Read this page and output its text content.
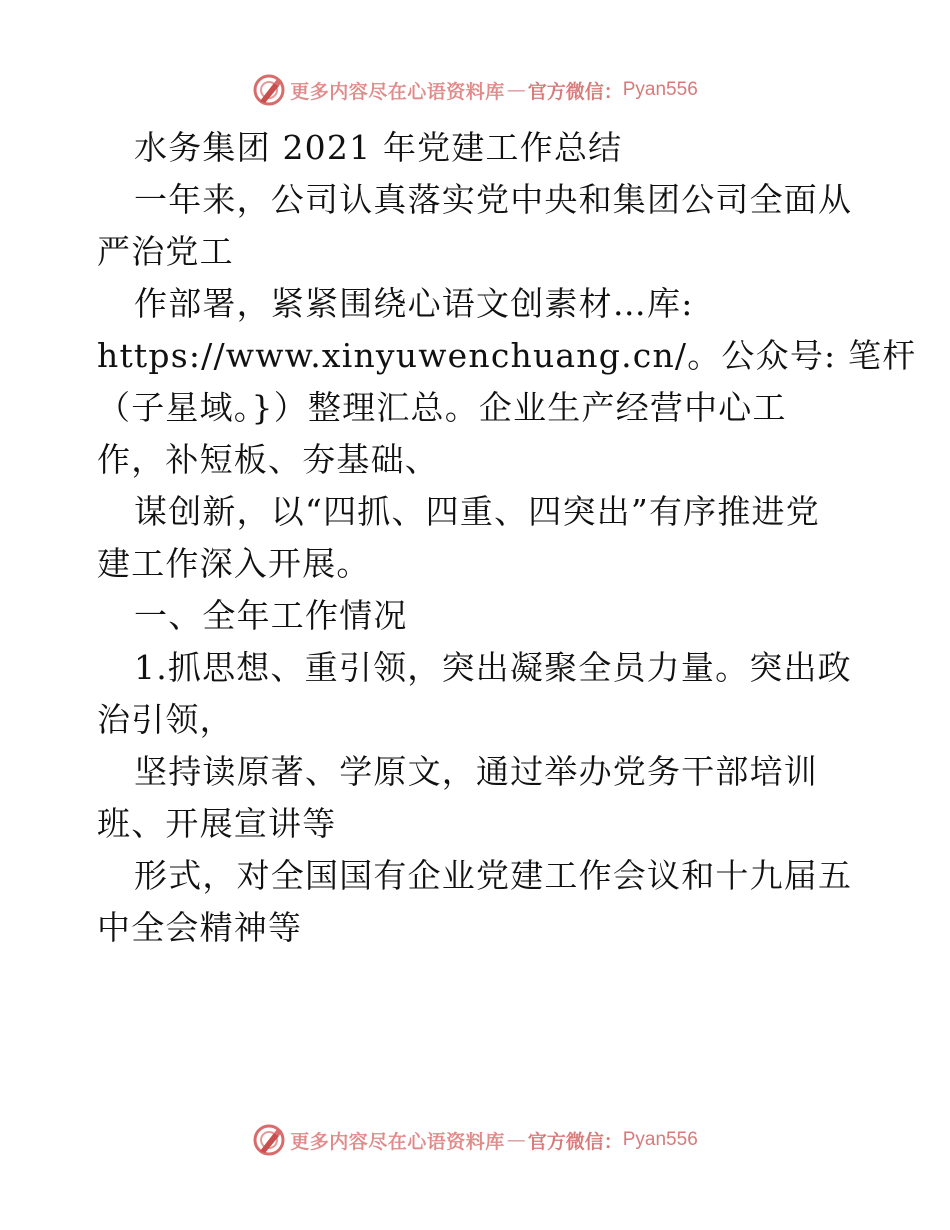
更多内容尽在心语资料库 — 官方微信： Pyan556
水务集团 2021 年党建工作总结
一年来，公司认真落实党中央和集团公司全面从
严治党工
作部署，紧紧围绕心语文创素材…库:
https://www.xinyuwenchuang.cn/。公众号: 笔杆
（子星域。}）整理汇总。企业生产经营中心工
作，补短板、夯基础、
谋创新，以“四抓、四重、四突出”有序推进党
建工作深入开展。
一、全年工作情况
1.抓思想、重引领，突出凝聚全员力量。突出政
治引领，
坚持读原著、学原文，通过举办党务干部培训
班、开展宣讲等
形式，对全国国有企业党建工作会议和十九届五
中全会精神等
更多内容尽在心语资料库 — 官方微信： Pyan556
